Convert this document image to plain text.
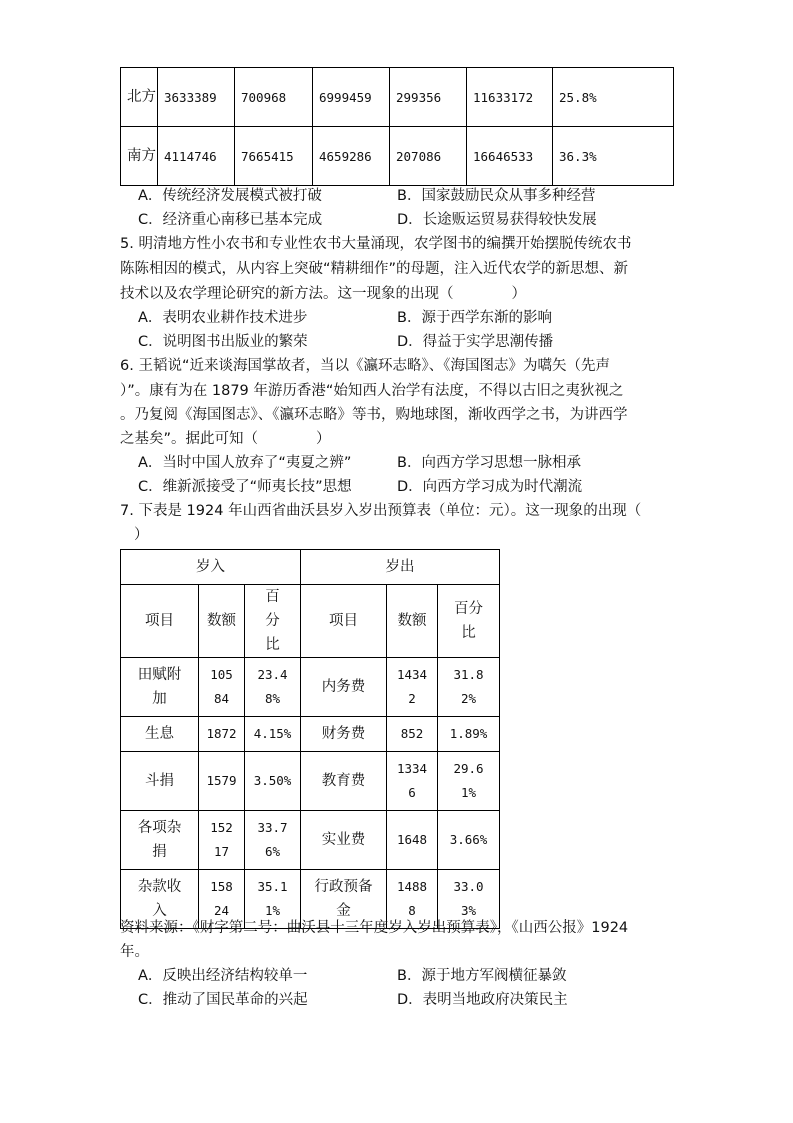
北方	3633389	700968	6999459	299356	11633172	25.8%
南方	4114746	7665415	4659286	207086	16646533	36.3%
A．传统经济发展模式被打破	B．国家鼓励民众从事多种经营
C．经济重心南移已基本完成	D．长途贩运贸易获得较快发展
5. 明清地方性小农书和专业性农书大量涌现，农学图书的编撰开始摆脱传统农书
陈陈相因的模式，从内容上突破“精耕细作”的母题，注入近代农学的新思想、新
技术以及农学理论研究的新方法。这一现象的出现（　　　　）
A．表明农业耕作技术进步	B．源于西学东渐的影响
C．说明图书出版业的繁荣	D．得益于实学思潮传播
6. 王韬说“近来谈海国掌故者，当以《瀛环志略》、《海国图志》为嚆矢（先声
）”。康有为在 1879 年游历香港“始知西人治学有法度，不得以古旧之夷狄视之
。乃复阅《海国图志》、《瀛环志略》等书，购地球图，渐收西学之书，为讲西学
之基矣”。据此可知（　　　　）
A．当时中国人放弃了“夷夏之辨”	B．向西方学习思想一脉相承
C．维新派接受了“师夷长技”思想	D．向西方学习成为时代潮流
7. 下表是 1924 年山西省曲沃县岁入岁出预算表（单位：元）。这一现象的出现（
）
岁入			岁出		
项目	数额	百分比	项目	数额	百分比
田赋附加	10584	23.48%	内务费	14342	31.82%
生息	1872	4.15%	财务费	852	1.89%
斗捐	1579	3.50%	教育费	13346	29.61%
各项杂捐	15217	33.76%	实业费	1648	3.66%
杂款收入	15824	35.11%	行政预备金	14888	33.03%
资料来源：《财字第二号：曲沃县十三年度岁入岁出预算表》，《山西公报》1924
年。
A．反映出经济结构较单一	B．源于地方军阀横征暴敛
C．推动了国民革命的兴起	D．表明当地政府决策民主
